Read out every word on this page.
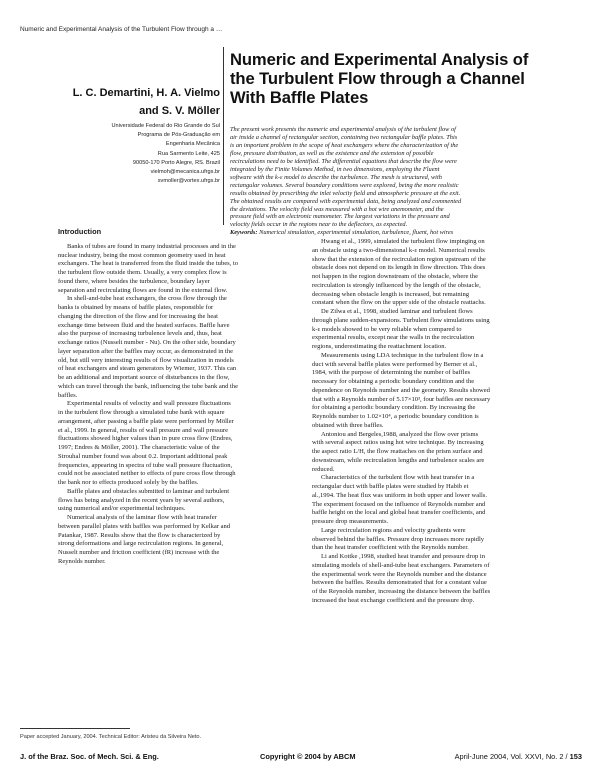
Numeric and Experimental Analysis of the Turbulent Flow through a …
L. C. Demartini, H. A. Vielmo
and S. V. Möller
Universidade Federal do Rio Grande do Sul
Programa de Pós-Graduação em
Engenharia Mecânica
Rua Sarmento Leite, 425
90050-170 Porto Alegre, RS. Brazil
vielmoh@mecanica.ufrgs.br
svmoller@vortex.ufrgs.br
Numeric and Experimental Analysis of
the Turbulent Flow through a Channel
With Baffle Plates
The present work presents the numeric and experimental analysis of the turbulent flow of
air inside a channel of rectangular section, containing two rectangular baffle plates. This
is an important problem in the scope of heat exchangers where the characterization of the
flow, pressure distribution, as well as the existence and the extension of possible
recirculations need to be identified. The differential equations that describe the flow were
integrated by the Finite Volumes Method, in two dimensions, employing the Fluent
software with the k-ε model to describe the turbulence. The mesh is structured, with
rectangular volumes. Several boundary conditions were explored, being the more realistic
results obtained by prescribing the inlet velocity field and atmospheric pressure at the exit.
The obtained results are compared with experimental data, being analyzed and commented
the deviations. The velocity field was measured with a hot wire anemometer, and the
pressure field with an electronic manometer. The largest variations in the pressure and
velocity fields occur in the regions near to the deflectors, as expected.
Keywords: Numerical simulation, experimental simulation, turbulence, fluent, hot wires
Introduction
Banks of tubes are found in many industrial processes and in the
nuclear industry, being the most common geometry used in heat
exchangers. The heat is transferred from the fluid inside the tubes, to
the turbulent flow outside them. Usually, a very complex flow is
found there, where besides the turbulence, boundary layer
separation and recirculating flows are found in the external flow.
In shell-and-tube heat exchangers, the cross flow through the
banks is obtained by means of baffle plates, responsible for
changing the direction of the flow and for increasing the heat
exchange time between fluid and the heated surfaces. Baffle have
also the purpose of increasing turbulence levels and, thus, heat
exchange ratios (Nusselt number - Nu). On the other side, boundary
layer separation after the baffles may occur, as demonstrated in the
old, but still very interesting results of flow visualization in models
of heat exchangers and steam generators by Wiemer, 1937. This can
be an additional and important source of disturbances in the flow,
which can travel through the bank, influencing the tube bank and the
baffles.
Experimental results of velocity and wall pressure fluctuations
in the turbulent flow through a simulated tube bank with square
arrangement, after passing a baffle plate were performed by Möller
et al., 1999. In general, results of wall pressure and wall pressure
fluctuations showed higher values than in pure cross flow (Endres,
1997; Endres & Möller, 2001). The characteristic value of the
Strouhal number found was about 0.2. Important additional peak
frequencies, appearing in spectra of tube wall pressure fluctuation,
could not be associated neither to effects of pure cross flow through
the bank nor to effects produced solely by the baffles.
Baffle plates and obstacles submitted to laminar and turbulent
flows has being analyzed in the recent years by several authors,
using numerical and/or experimental techniques.
Numerical analysis of the laminar flow with heat transfer
between parallel plates with baffles was performed by Kelkar and
Patankar, 1987. Results show that the flow is characterized by
strong deformations and large recirculation regions. In general,
Nusselt number and friction coefficient (fR) increase with the
Reynolds number.
Hwang et al., 1999, simulated the turbulent flow impinging on
an obstacle using a two-dimensional k-ε model. Numerical results
show that the extension of the recirculation region upstream of the
obstacle does not depend on its length in flow direction. This does
not happen in the region downstream of the obstacle, where the
recirculation is strongly influenced by the length of the obstacle,
decreasing when obstacle length is increased, but remaining
constant when the flow on the upper side of the obstacle reattachs.
De Zilwa et al., 1998, studied laminar and turbulent flows
through plane sudden-expansions. Turbulent flow simulations using
k-ε models showed to be very reliable when compared to
experimental results, except near the walls in the recirculation
regions, underestimating the reattachment location.
Measurements using LDA technique in the turbulent flow in a
duct with several baffle plates were performed by Berner et al.,
1984, with the purpose of determining the number of baffles
necessary for obtaining a periodic boundary condition and the
dependence on Reynolds number and the geometry. Results showed
that with a Reynolds number of 5.17×10³, four baffles are necessary
for obtaining a periodic boundary condition. By increasing the
Reynolds number to 1.02×10⁴, a periodic boundary condition is
obtained with three baffles.
Antoniou and Bergeles,1988, analyzed the flow over prisms
with several aspect ratios using hot wire technique. By increasing
the aspect ratio L/H, the flow reattaches on the prism surface and
downstream, while recirculation lengths and turbulence scales are
reduced.
Characteristics of the turbulent flow with heat transfer in a
rectangular duct with baffle plates were studied by Habib et
al.,1994. The heat flux was uniform in both upper and lower walls.
The experiment focused on the influence of Reynolds number and
baffle height on the local and global heat transfer coefficients, and
pressure drop measurements.
Large recirculation regions and velocity gradients were
observed behind the baffles. Pressure drop increases more rapidly
than the heat transfer coefficient with the Reynolds number.
Li and Kottke ,1998, studied heat transfer and pressure drop in
simulating models of shell-and-tube heat exchangers. Parameters of
the experimental work were the Reynolds number and the distance
between the baffles. Results demonstrated that for a constant value
of the Reynolds number, increasing the distance between the baffles
increased the heat exchange coefficient and the pressure drop.
Paper accepted January, 2004. Technical Editor: Aristeu da Silveira Neto.
J. of the Braz. Soc. of Mech. Sci. & Eng.	Copyright © 2004 by ABCM	April-June 2004, Vol. XXVI, No. 2 / 153
